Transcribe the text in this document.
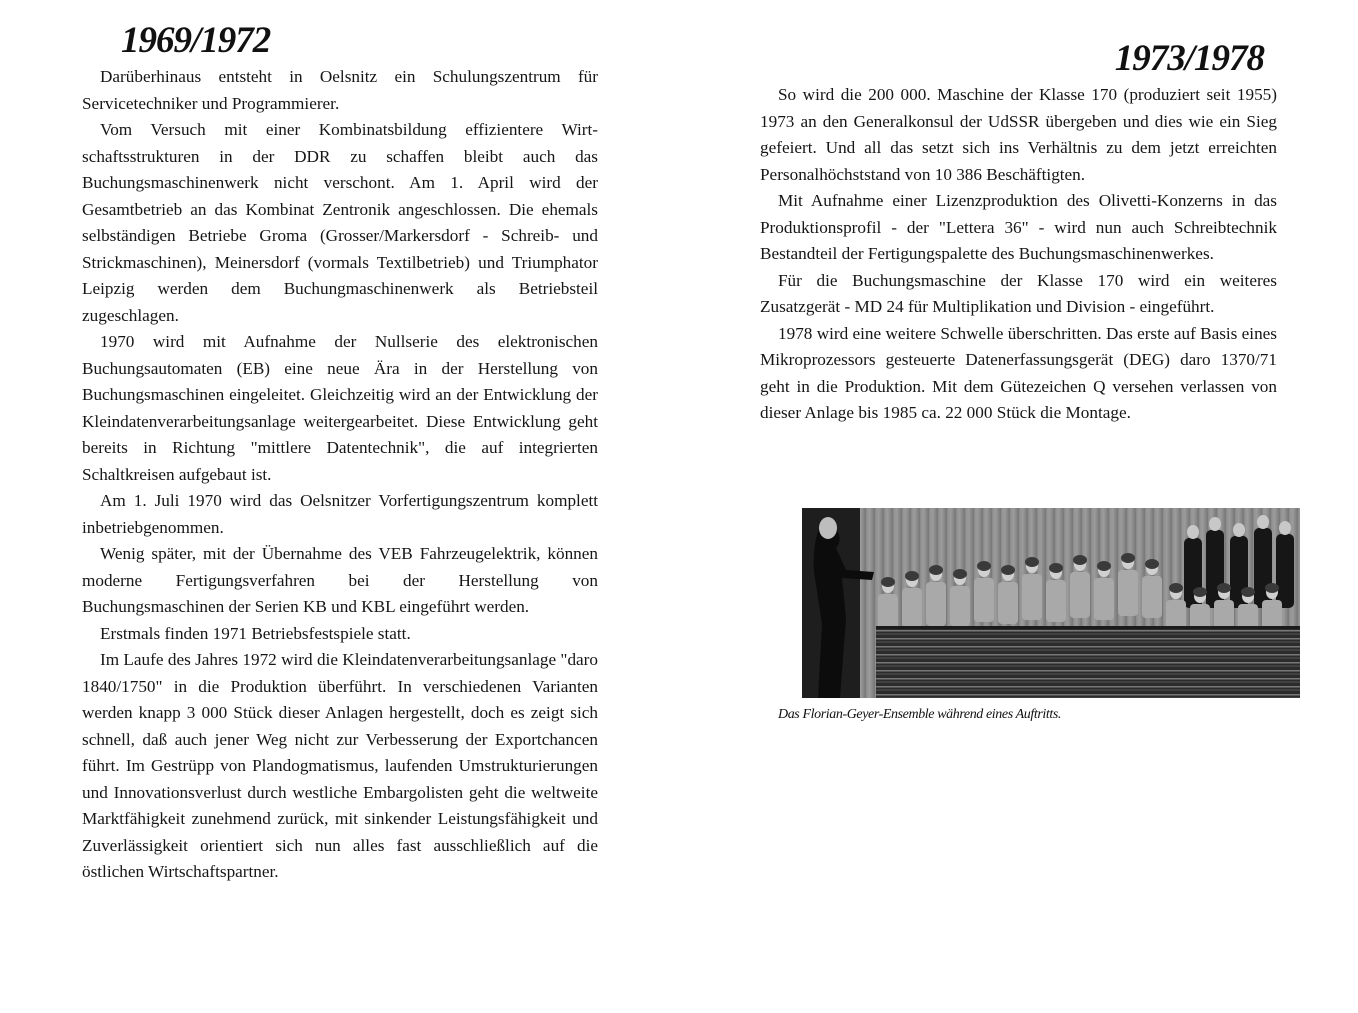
1969/1972

Darüberhinaus entsteht in Oelsnitz ein Schulungszentrum für Servicetechniker und Programmierer.

Vom Versuch mit einer Kombinatsbildung effizientere Wirtschaftsstrukturen in der DDR zu schaffen bleibt auch das Buchungsmaschinenwerk nicht verschont. Am 1. April wird der Gesamtbetrieb an das Kombinat Zentronik angeschlossen. Die ehemals selbständigen Betriebe Groma (Grosser/Markersdorf - Schreib- und Strickmaschinen), Meinersdorf (vormals Textilbetrieb) und Triumphator Leipzig werden dem Buchungmaschinenwerk als Betriebsteil zugeschlagen.

1970 wird mit Aufnahme der Nullserie des elektronischen Buchungsautomaten (EB) eine neue Ära in der Herstellung von Buchungsmaschinen eingeleitet. Gleichzeitig wird an der Entwicklung der Kleindatenverarbeitungsanlage weitergearbeitet. Diese Entwicklung geht bereits in Richtung "mittlere Datentechnik", die auf integrierten Schaltkreisen aufgebaut ist.

Am 1. Juli 1970 wird das Oelsnitzer Vorfertigungszentrum komplett inbetriebgenommen.

Wenig später, mit der Übernahme des VEB Fahrzeugelektrik, können moderne Fertigungsverfahren bei der Herstellung von Buchungsmaschinen der Serien KB und KBL eingeführt werden.

Erstmals finden 1971 Betriebsfestspiele statt.

Im Laufe des Jahres 1972 wird die Kleindatenverarbeitungsanlage "daro 1840/1750" in die Produktion überführt. In verschiedenen Varianten werden knapp 3 000 Stück dieser Anlagen hergestellt, doch es zeigt sich schnell, daß auch jener Weg nicht zur Verbesserung der Exportchancen führt. Im Gestrüpp von Plandogmatismus, laufenden Umstrukturierungen und Innovationsverlust durch westliche Embargolisten geht die weltweite Marktfähigkeit zunehmend zurück, mit sinkender Leistungsfähigkeit und Zuverlässigkeit orientiert sich nun alles fast ausschließlich auf die östlichen Wirtschaftspartner.

1973/1978

So wird die 200 000. Maschine der Klasse 170 (produziert seit 1955) 1973 an den Generalkonsul der UdSSR übergeben und dies wie ein Sieg gefeiert. Und all das setzt sich ins Verhältnis zu dem jetzt erreichten Personalhöchststand von 10 386 Beschäftigten.

Mit Aufnahme einer Lizenzproduktion des Olivetti-Konzerns in das Produktionsprofil - der "Lettera 36" - wird nun auch Schreibtechnik Bestandteil der Fertigungspalette des Buchungsmaschinenwerkes.

Für die Buchungsmaschine der Klasse 170 wird ein weiteres Zusatzgerät - MD 24 für Multiplikation und Division - eingeführt.

1978 wird eine weitere Schwelle überschritten. Das erste auf Basis eines Mikroprozessors gesteuerte Datenerfassungsgerät (DEG) daro 1370/71 geht in die Produktion. Mit dem Gütezeichen Q versehen verlassen von dieser Anlage bis 1985 ca. 22 000 Stück die Montage.

Das Florian-Geyer-Ensemble während eines Auftritts.
